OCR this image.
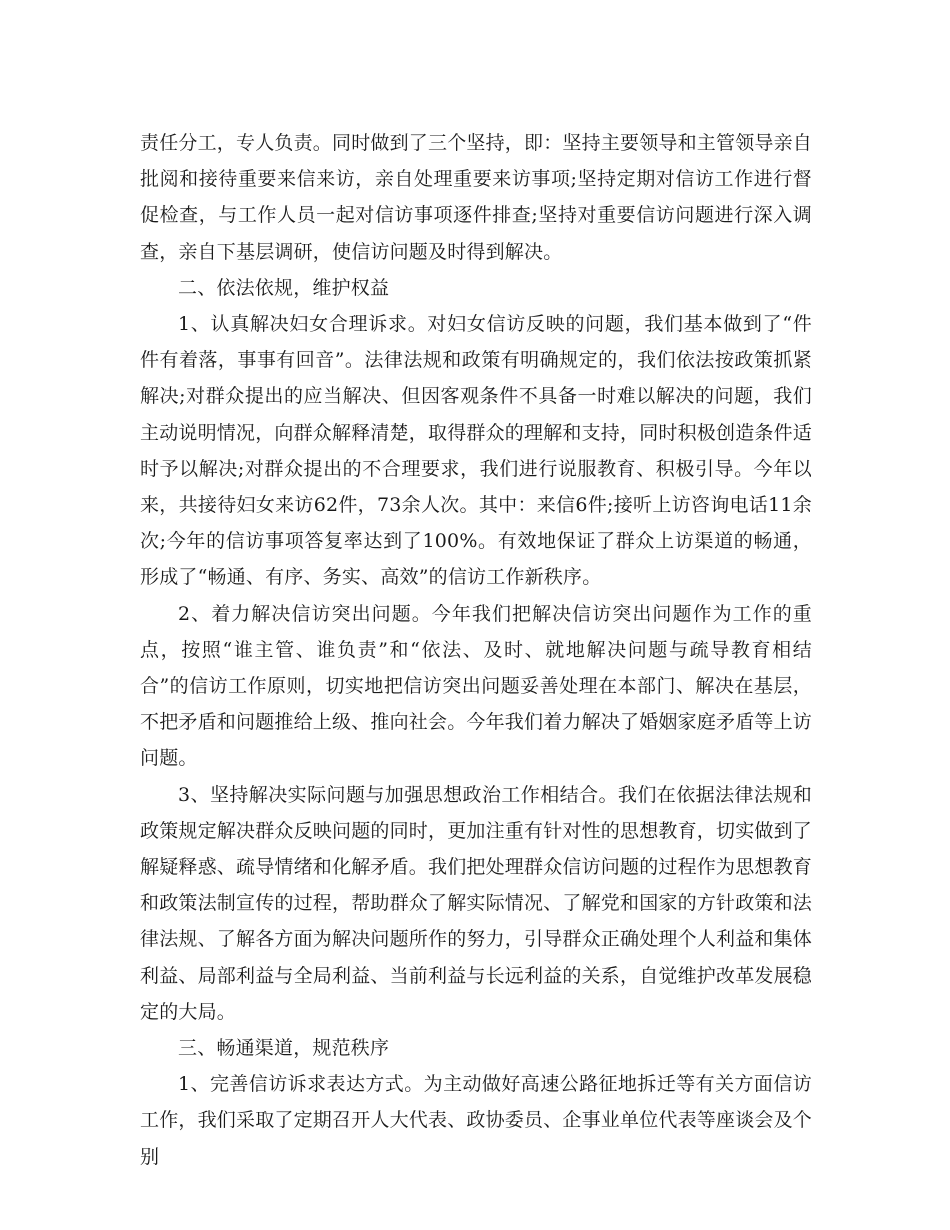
责任分工，专人负责。同时做到了三个坚持，即：坚持主要领导和主管领导亲自批阅和接待重要来信来访，亲自处理重要来访事项;坚持定期对信访工作进行督促检查，与工作人员一起对信访事项逐件排查;坚持对重要信访问题进行深入调查，亲自下基层调研，使信访问题及时得到解决。

二、依法依规，维护权益

1、认真解决妇女合理诉求。对妇女信访反映的问题，我们基本做到了“件件有着落，事事有回音”。法律法规和政策有明确规定的，我们依法按政策抓紧解决;对群众提出的应当解决、但因客观条件不具备一时难以解决的问题，我们主动说明情况，向群众解释清楚，取得群众的理解和支持，同时积极创造条件适时予以解决;对群众提出的不合理要求，我们进行说服教育、积极引导。今年以来，共接待妇女来访62件，73余人次。其中：来信6件;接听上访咨询电话11余次;今年的信访事项答复率达到了100%。有效地保证了群众上访渠道的畅通，形成了“畅通、有序、务实、高效”的信访工作新秩序。

2、着力解决信访突出问题。今年我们把解决信访突出问题作为工作的重点，按照“谁主管、谁负责”和“依法、及时、就地解决问题与疏导教育相结合”的信访工作原则，切实地把信访突出问题妥善处理在本部门、解决在基层，不把矛盾和问题推给上级、推向社会。今年我们着力解决了婚姻家庭矛盾等上访问题。

3、坚持解决实际问题与加强思想政治工作相结合。我们在依据法律法规和政策规定解决群众反映问题的同时，更加注重有针对性的思想教育，切实做到了解疑释惑、疏导情绪和化解矛盾。我们把处理群众信访问题的过程作为思想教育和政策法制宣传的过程，帮助群众了解实际情况、了解党和国家的方针政策和法律法规、了解各方面为解决问题所作的努力，引导群众正确处理个人利益和集体利益、局部利益与全局利益、当前利益与长远利益的关系，自觉维护改革发展稳定的大局。

三、畅通渠道，规范秩序

1、完善信访诉求表达方式。为主动做好高速公路征地拆迁等有关方面信访工作，我们采取了定期召开人大代表、政协委员、企事业单位代表等座谈会及个别
